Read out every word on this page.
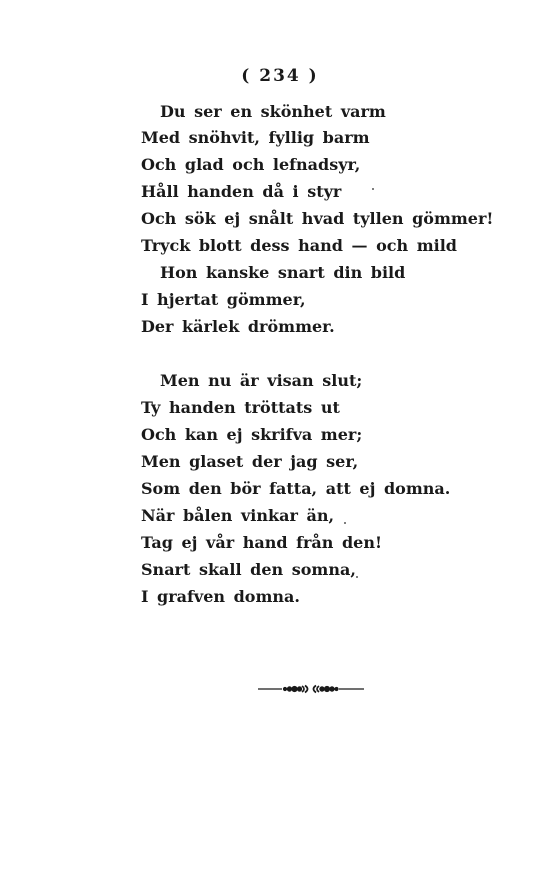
( 234 )
Du ser en skönhet varm
Med snöhvit, fyllig barm
Och glad och lefnadsyr,
Håll handen då i styr
Och sök ej snålt hvad tyllen gömmer!
Tryck blott dess hand — och mild
Hon kanske snart din bild
I hjertat gömmer,
Der kärlek drömmer.
Men nu är visan slut;
Ty handen tröttats ut
Och kan ej skrifva mer;
Men glaset der jag ser,
Som den bör fatta, att ej domna.
När bålen vinkar än,
Tag ej vår hand från den!
Snart skall den somna,
I grafven domna.
